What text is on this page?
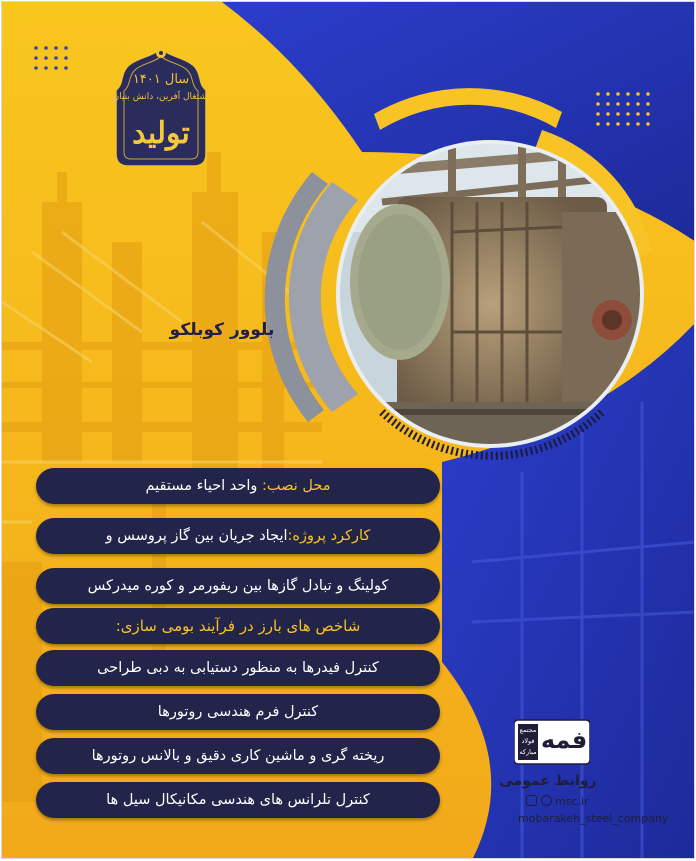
سال ۱۴۰۱
اشتغال آفرین، دانش بنیان
تولید
بلوور کوبلکو
محل نصب: واحد احیاء مستقیم
کارکرد پروژه:ایجاد جریان بین گاز پروسس و
کولینگ و تبادل گازها بین ریفورمر و کوره میدرکس
شاخص های بارز در فرآیند بومی سازی:
کنترل فیدرها به منظور دستیابی به دبی طراحی
کنترل فرم هندسی روتورها
ریخته گری و ماشین کاری دقیق و بالانس روتورها
کنترل تلرانس های هندسی مکانیکال سیل ها
مجتمع
فولاد
مبارکه فمه
روابط عمومی
msc.ir
mobarakeh_steel_company
